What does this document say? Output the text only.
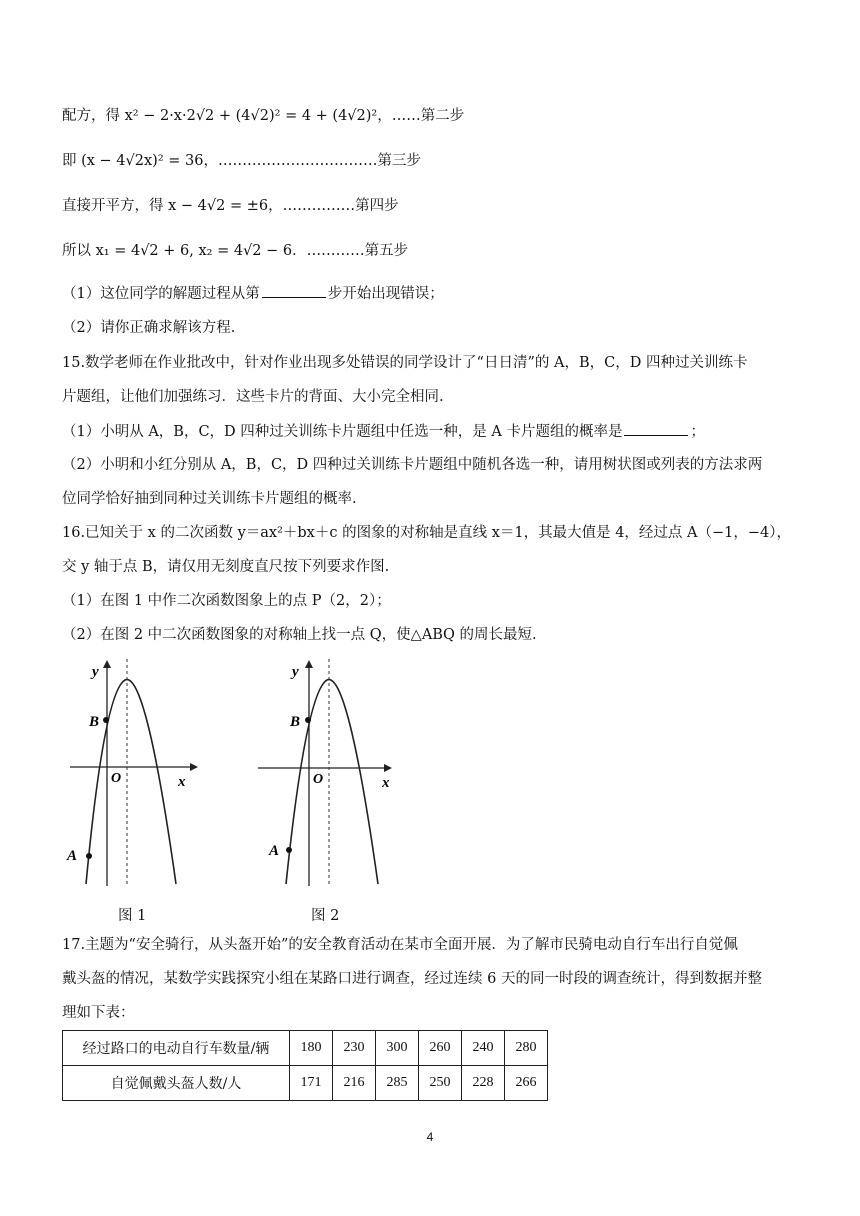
配方，得 x² − 2·x·2√2 + (4√2)² = 4 + (4√2)²，……第二步
即 (x − 4√2x)² = 36，……………………………第三步
直接开平方，得 x − 4√2 = ±6，……………第四步
所以 x₁ = 4√2 + 6, x₂ = 4√2 − 6．…………第五步
（1）这位同学的解题过程从第	步开始出现错误；
（2）请你正确求解该方程.
15.数学老师在作业批改中，针对作业出现多处错误的同学设计了“日日清”的 A，B，C，D 四种过关训练卡
片题组，让他们加强练习．这些卡片的背面、大小完全相同.
（1）小明从 A，B，C，D 四种过关训练卡片题组中任选一种，是 A 卡片题组的概率是	；
（2）小明和小红分别从 A，B，C，D 四种过关训练卡片题组中随机各选一种，请用树状图或列表的方法求两
位同学恰好抽到同种过关训练卡片题组的概率.
16.已知关于 x 的二次函数 y＝ax²＋bx＋c 的图象的对称轴是直线 x＝1，其最大值是 4，经过点 A（−1，−4），
交 y 轴于点 B，请仅用无刻度直尺按下列要求作图.
（1）在图 1 中作二次函数图象上的点 P（2，2）；
（2）在图 2 中二次函数图象的对称轴上找一点 Q，使△ABQ 的周长最短.
y
x
O
B
A
y
x
O
B
A
图 1	图 2
17.主题为“安全骑行，从头盔开始”的安全教育活动在某市全面开展．为了解市民骑电动自行车出行自觉佩
戴头盔的情况，某数学实践探究小组在某路口进行调查，经过连续 6 天的同一时段的调查统计，得到数据并整
理如下表：
经过路口的电动自行车数量/辆	180	230	300	260	240	280
自觉佩戴头盔人数/人	171	216	285	250	228	266
4
